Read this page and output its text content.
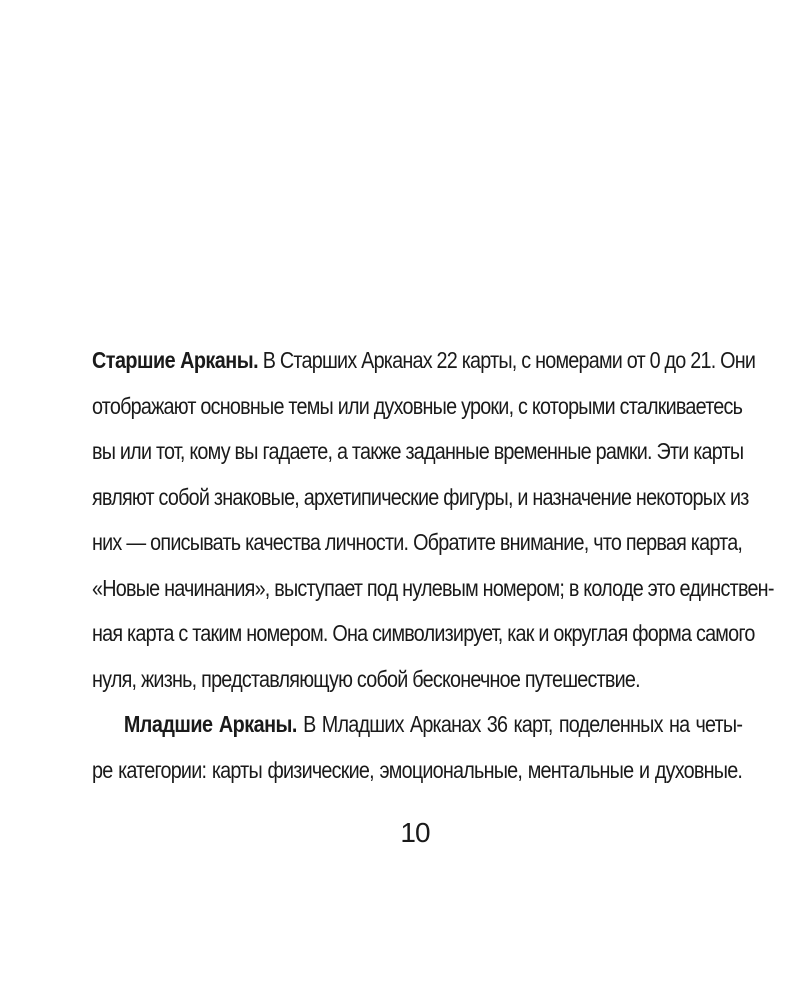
Старшие Арканы. В Старших Арканах 22 карты, с номерами от 0 до 21. Они
отображают основные темы или духовные уроки, с которыми сталкиваетесь
вы или тот, кому вы гадаете, а также заданные временные рамки. Эти карты
являют собой знаковые, архетипические фигуры, и назначение некоторых из
них — описывать качества личности. Обратите внимание, что первая карта,
«Новые начинания», выступает под нулевым номером; в колоде это единствен-
ная карта с таким номером. Она символизирует, как и округлая форма самого
нуля, жизнь, представляющую собой бесконечное путешествие.
Младшие Арканы. В Младших Арканах 36 карт, поделенных на четы-
ре категории: карты физические, эмоциональные, ментальные и духовные.
10
